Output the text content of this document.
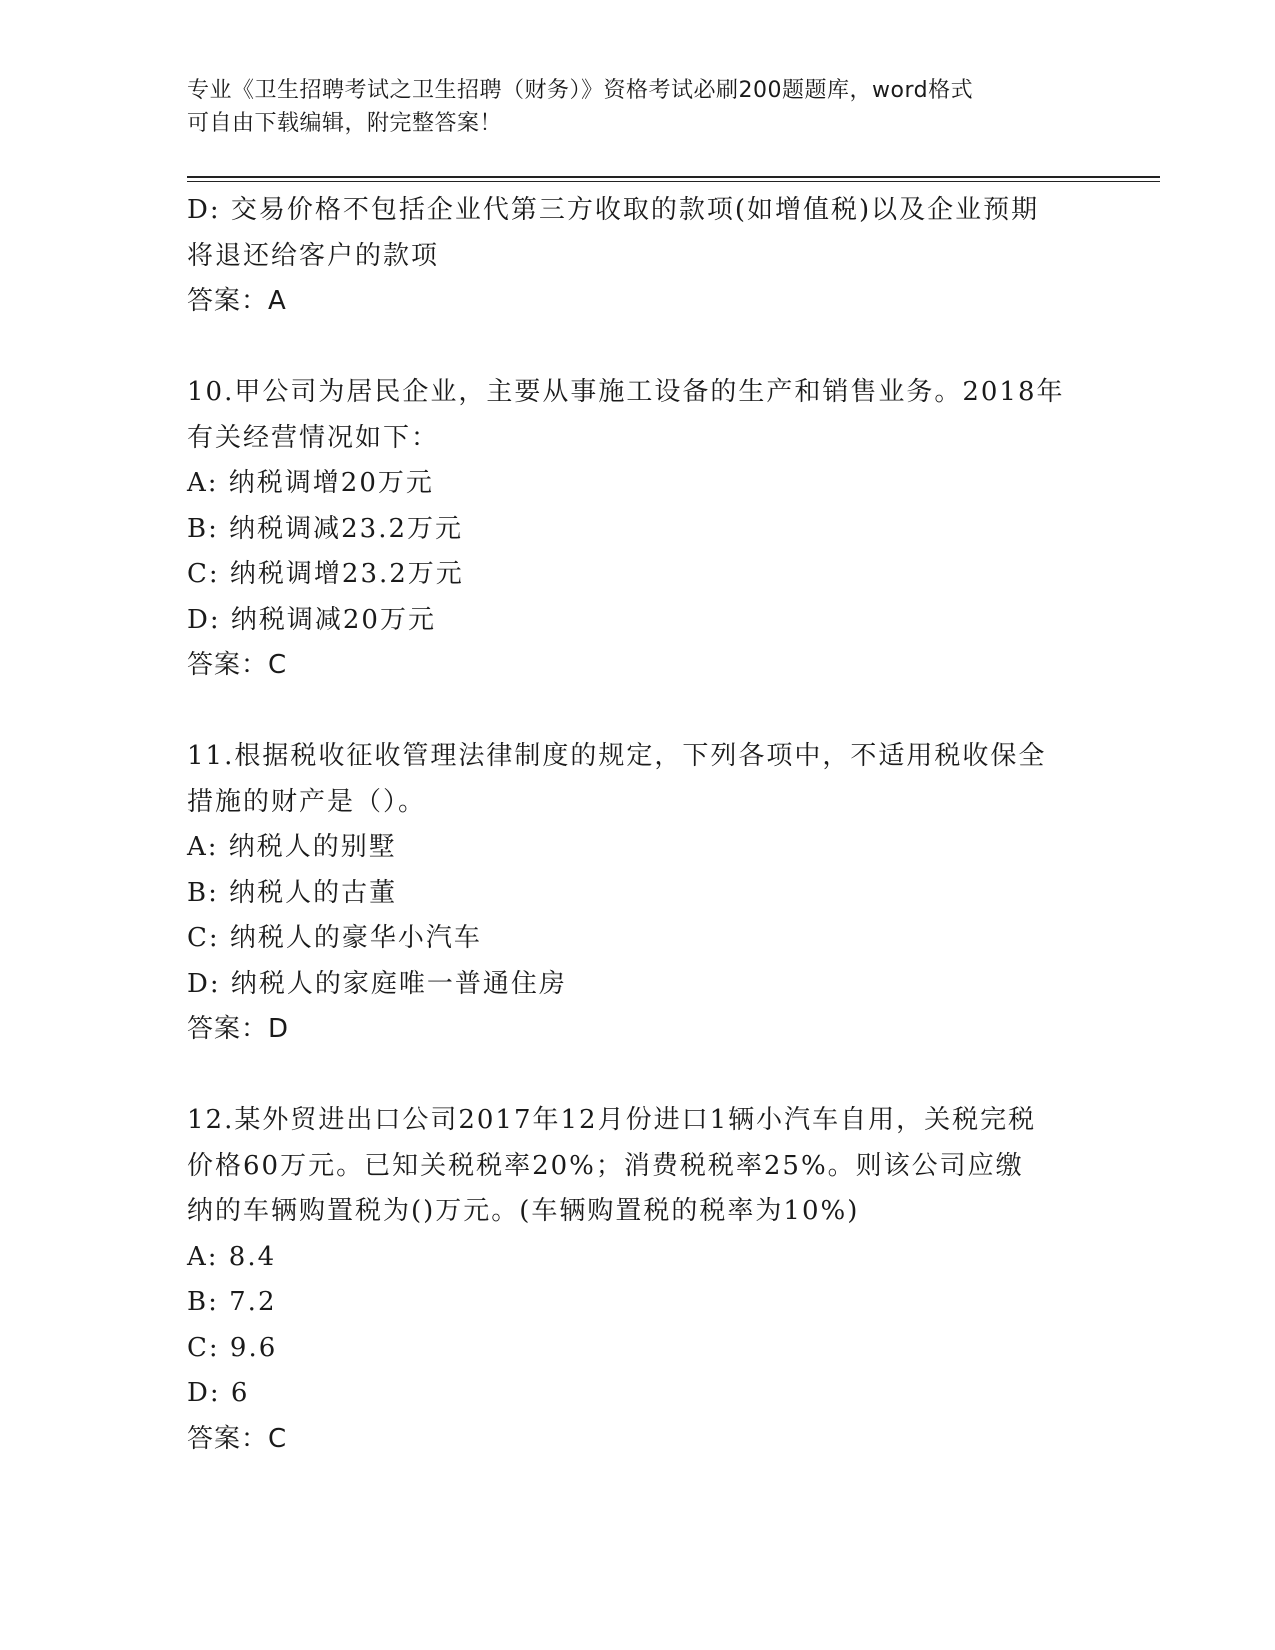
专业《卫生招聘考试之卫生招聘（财务）》资格考试必刷200题题库，word格式
可自由下载编辑，附完整答案！
D: 交易价格不包括企业代第三方收取的款项(如增值税)以及企业预期
将退还给客户的款项
答案：A
10.甲公司为居民企业，主要从事施工设备的生产和销售业务。2018年
有关经营情况如下：
A: 纳税调增20万元
B: 纳税调减23.2万元
C: 纳税调增23.2万元
D: 纳税调减20万元
答案：C
11.根据税收征收管理法律制度的规定，下列各项中，不适用税收保全
措施的财产是（）。
A: 纳税人的别墅
B: 纳税人的古董
C: 纳税人的豪华小汽车
D: 纳税人的家庭唯一普通住房
答案：D
12.某外贸进出口公司2017年12月份进口1辆小汽车自用，关税完税
价格60万元。已知关税税率20%；消费税税率25%。则该公司应缴
纳的车辆购置税为()万元。(车辆购置税的税率为10%)
A: 8.4
B: 7.2
C: 9.6
D: 6
答案：C
